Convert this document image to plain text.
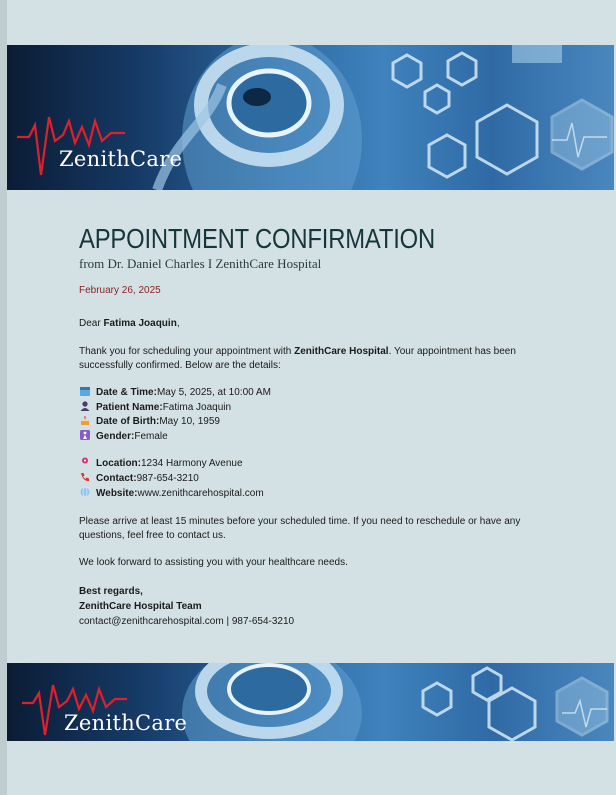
ZenithCare
APPOINTMENT CONFIRMATION
from Dr. Daniel Charles I ZenithCare Hospital
February 26, 2025

Dear Fatima Joaquin,

Thank you for scheduling your appointment with ZenithCare Hospital. Your appointment has been successfully confirmed. Below are the details:

Date & Time: May 5, 2025, at 10:00 AM
Patient Name: Fatima Joaquin
Date of Birth: May 10, 1959
Gender: Female
Location: 1234 Harmony Avenue
Contact: 987-654-3210
Website: www.zenithcarehospital.com

Please arrive at least 15 minutes before your scheduled time. If you need to reschedule or have any questions, feel free to contact us.

We look forward to assisting you with your healthcare needs.

Best regards,
ZenithCare Hospital Team
contact@zenithcarehospital.com | 987-654-3210
ZenithCare
